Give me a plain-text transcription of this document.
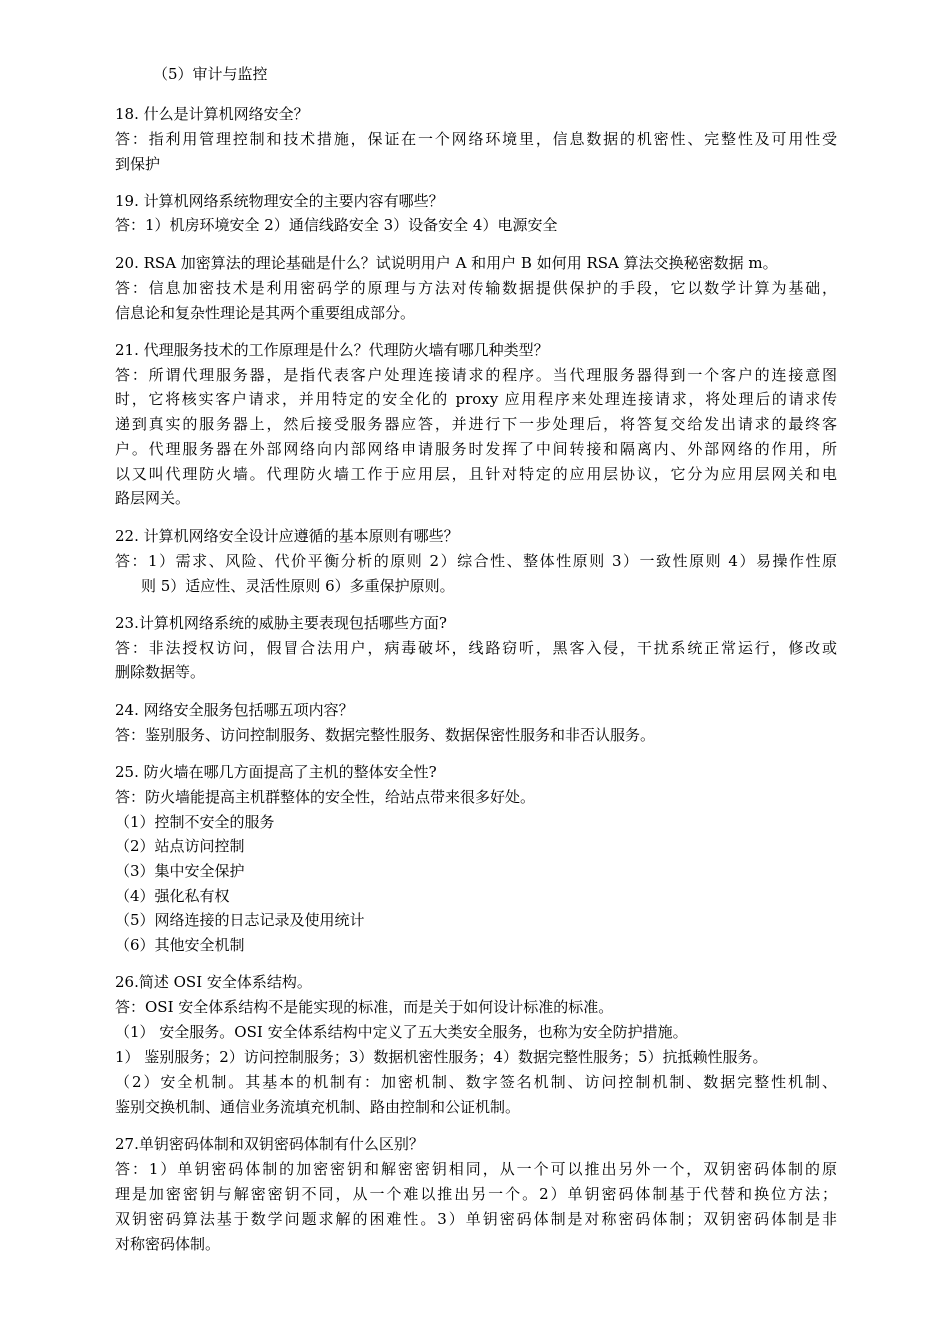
（5）审计与监控
18. 什么是计算机网络安全？
答：指利用管理控制和技术措施，保证在一个网络环境里，信息数据的机密性、完整性及可用性受
到保护
19. 计算机网络系统物理安全的主要内容有哪些？
答：1）机房环境安全 2）通信线路安全 3）设备安全 4）电源安全
20. RSA 加密算法的理论基础是什么？试说明用户 A 和用户 B 如何用 RSA 算法交换秘密数据 m。
答：信息加密技术是利用密码学的原理与方法对传输数据提供保护的手段，它以数学计算为基础，
信息论和复杂性理论是其两个重要组成部分。
21. 代理服务技术的工作原理是什么？代理防火墙有哪几种类型？
答：所谓代理服务器，是指代表客户处理连接请求的程序。当代理服务器得到一个客户的连接意图
时，它将核实客户请求，并用特定的安全化的 proxy 应用程序来处理连接请求，将处理后的请求传
递到真实的服务器上，然后接受服务器应答，并进行下一步处理后，将答复交给发出请求的最终客
户。代理服务器在外部网络向内部网络申请服务时发挥了中间转接和隔离内、外部网络的作用，所
以又叫代理防火墙。代理防火墙工作于应用层，且针对特定的应用层协议，它分为应用层网关和电
路层网关。
22. 计算机网络安全设计应遵循的基本原则有哪些？
答：1）需求、风险、代价平衡分析的原则 2）综合性、整体性原则 3）一致性原则 4）易操作性原
则 5）适应性、灵活性原则 6）多重保护原则。
23.计算机网络系统的威胁主要表现包括哪些方面?
答：非法授权访问，假冒合法用户，病毒破坏，线路窃听，黑客入侵，干扰系统正常运行，修改或
删除数据等。
24. 网络安全服务包括哪五项内容？
答：鉴别服务、访问控制服务、数据完整性服务、数据保密性服务和非否认服务。
25. 防火墙在哪几方面提高了主机的整体安全性?
答：防火墙能提高主机群整体的安全性，给站点带来很多好处。
（1）控制不安全的服务
（2）站点访问控制
（3）集中安全保护
（4）强化私有权
（5）网络连接的日志记录及使用统计
（6）其他安全机制
26.简述 OSI 安全体系结构。
答：OSI 安全体系结构不是能实现的标准，而是关于如何设计标准的标准。
（1） 安全服务。OSI 安全体系结构中定义了五大类安全服务，也称为安全防护措施。
1） 鉴别服务；2）访问控制服务；3）数据机密性服务；4）数据完整性服务；5）抗抵赖性服务。
（2）安全机制。其基本的机制有：加密机制、数字签名机制、访问控制机制、数据完整性机制、
鉴别交换机制、通信业务流填充机制、路由控制和公证机制。
27.单钥密码体制和双钥密码体制有什么区别？
答：1）单钥密码体制的加密密钥和解密密钥相同，从一个可以推出另外一个，双钥密码体制的原
理是加密密钥与解密密钥不同，从一个难以推出另一个。2）单钥密码体制基于代替和换位方法；
双钥密码算法基于数学问题求解的困难性。3）单钥密码体制是对称密码体制；双钥密码体制是非
对称密码体制。
